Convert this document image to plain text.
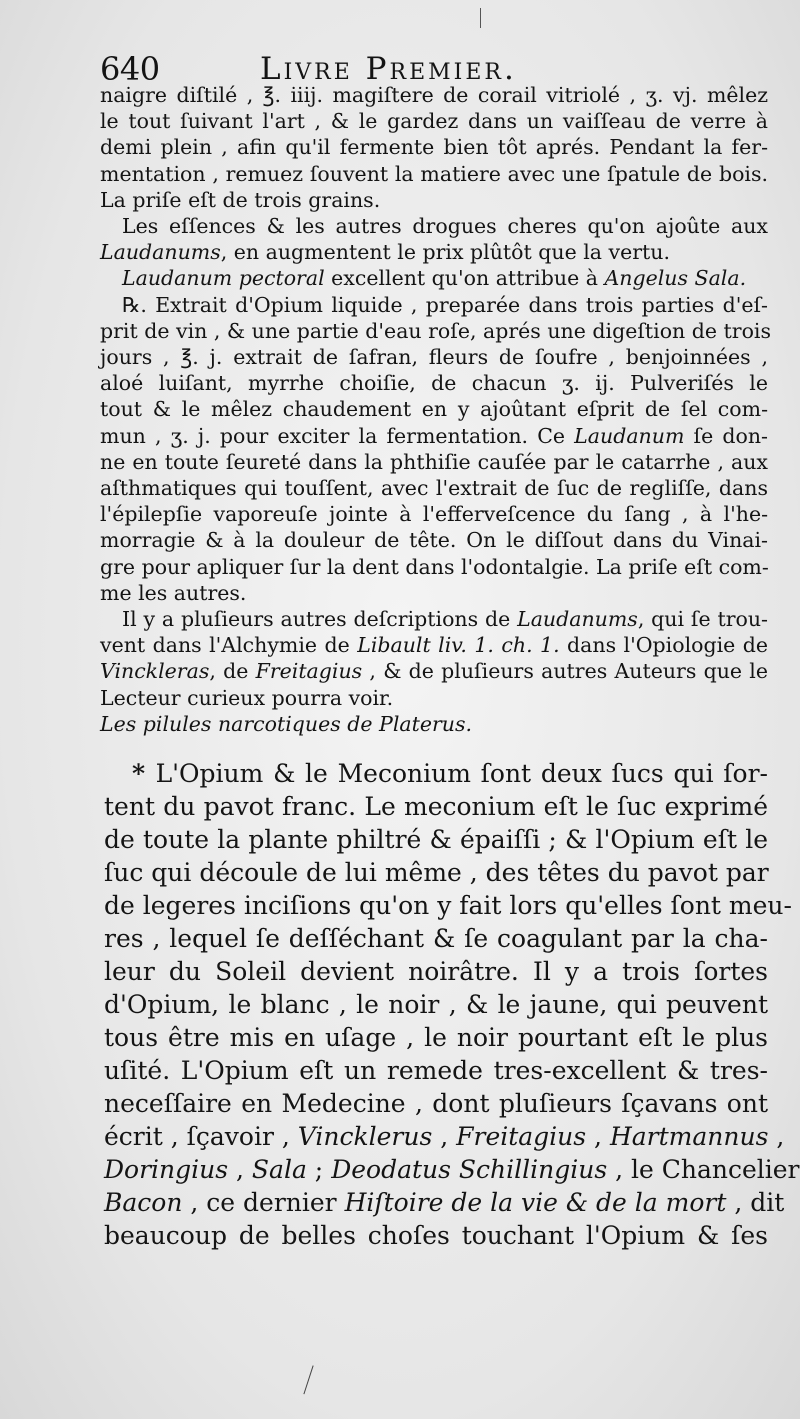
640	Livre Premier.
naigre diſtilé , ℥. iiij. magiſtere de corail vitriolé , ʒ. vj. mêlez
le tout ſuivant l'art , & le gardez dans un vaiſſeau de verre à
demi plein , afin qu'il fermente bien tôt aprés. Pendant la fer-
mentation , remuez ſouvent la matiere avec une ſpatule de bois.
La priſe eſt de trois grains.
Les eſſences & les autres drogues cheres qu'on ajoûte aux
Laudanums, en augmentent le prix plûtôt que la vertu.
Laudanum pectoral excellent qu'on attribue à Angelus Sala.
℞. Extrait d'Opium liquide , preparée dans trois parties d'eſ-
prit de vin , & une partie d'eau roſe, aprés une digeſtion de trois
jours , ℥. j. extrait de ſafran, fleurs de ſoufre , benjoinnées ,
aloé luiſant, myrrhe choiſie, de chacun ʒ. ij. Pulveriſés le
tout & le mêlez chaudement en y ajoûtant eſprit de ſel com-
mun , ʒ. j. pour exciter la fermentation. Ce Laudanum ſe don-
ne en toute ſeureté dans la phthiſie cauſée par le catarrhe , aux
aſthmatiques qui touſſent, avec l'extrait de ſuc de regliſſe, dans
l'épilepſie vaporeuſe jointe à l'efferveſcence du ſang , à l'he-
morragie & à la douleur de tête. On le diſſout dans du Vinai-
gre pour apliquer ſur la dent dans l'odontalgie. La priſe eſt com-
me les autres.
Il y a pluſieurs autres deſcriptions de Laudanums, qui ſe trou-
vent dans l'Alchymie de Libault liv. 1. ch. 1. dans l'Opiologie de
Vinckleras, de Freitagius , & de pluſieurs autres Auteurs que le
Lecteur curieux pourra voir.
Les pilules narcotiques de Platerus.
* L'Opium & le Meconium ſont deux ſucs qui ſor-
tent du pavot franc. Le meconium eſt le ſuc exprimé
de toute la plante philtré & épaiſſi ; & l'Opium eſt le
ſuc qui découle de lui même , des têtes du pavot par
de legeres inciſions qu'on y fait lors qu'elles ſont meu-
res , lequel ſe deſſéchant & ſe coagulant par la cha-
leur du Soleil devient noirâtre. Il y a trois ſortes
d'Opium, le blanc , le noir , & le jaune, qui peuvent
tous être mis en uſage , le noir pourtant eſt le plus
uſité. L'Opium eſt un remede tres-excellent & tres-
neceſſaire en Medecine , dont pluſieurs ſçavans ont
écrit , ſçavoir , Vincklerus , Freitagius , Hartmannus ,
Doringius , Sala ; Deodatus Schillingius , le Chancelier
Bacon , ce dernier Hiſtoire de la vie & de la mort , dit
beaucoup de belles choſes touchant l'Opium & ſes
